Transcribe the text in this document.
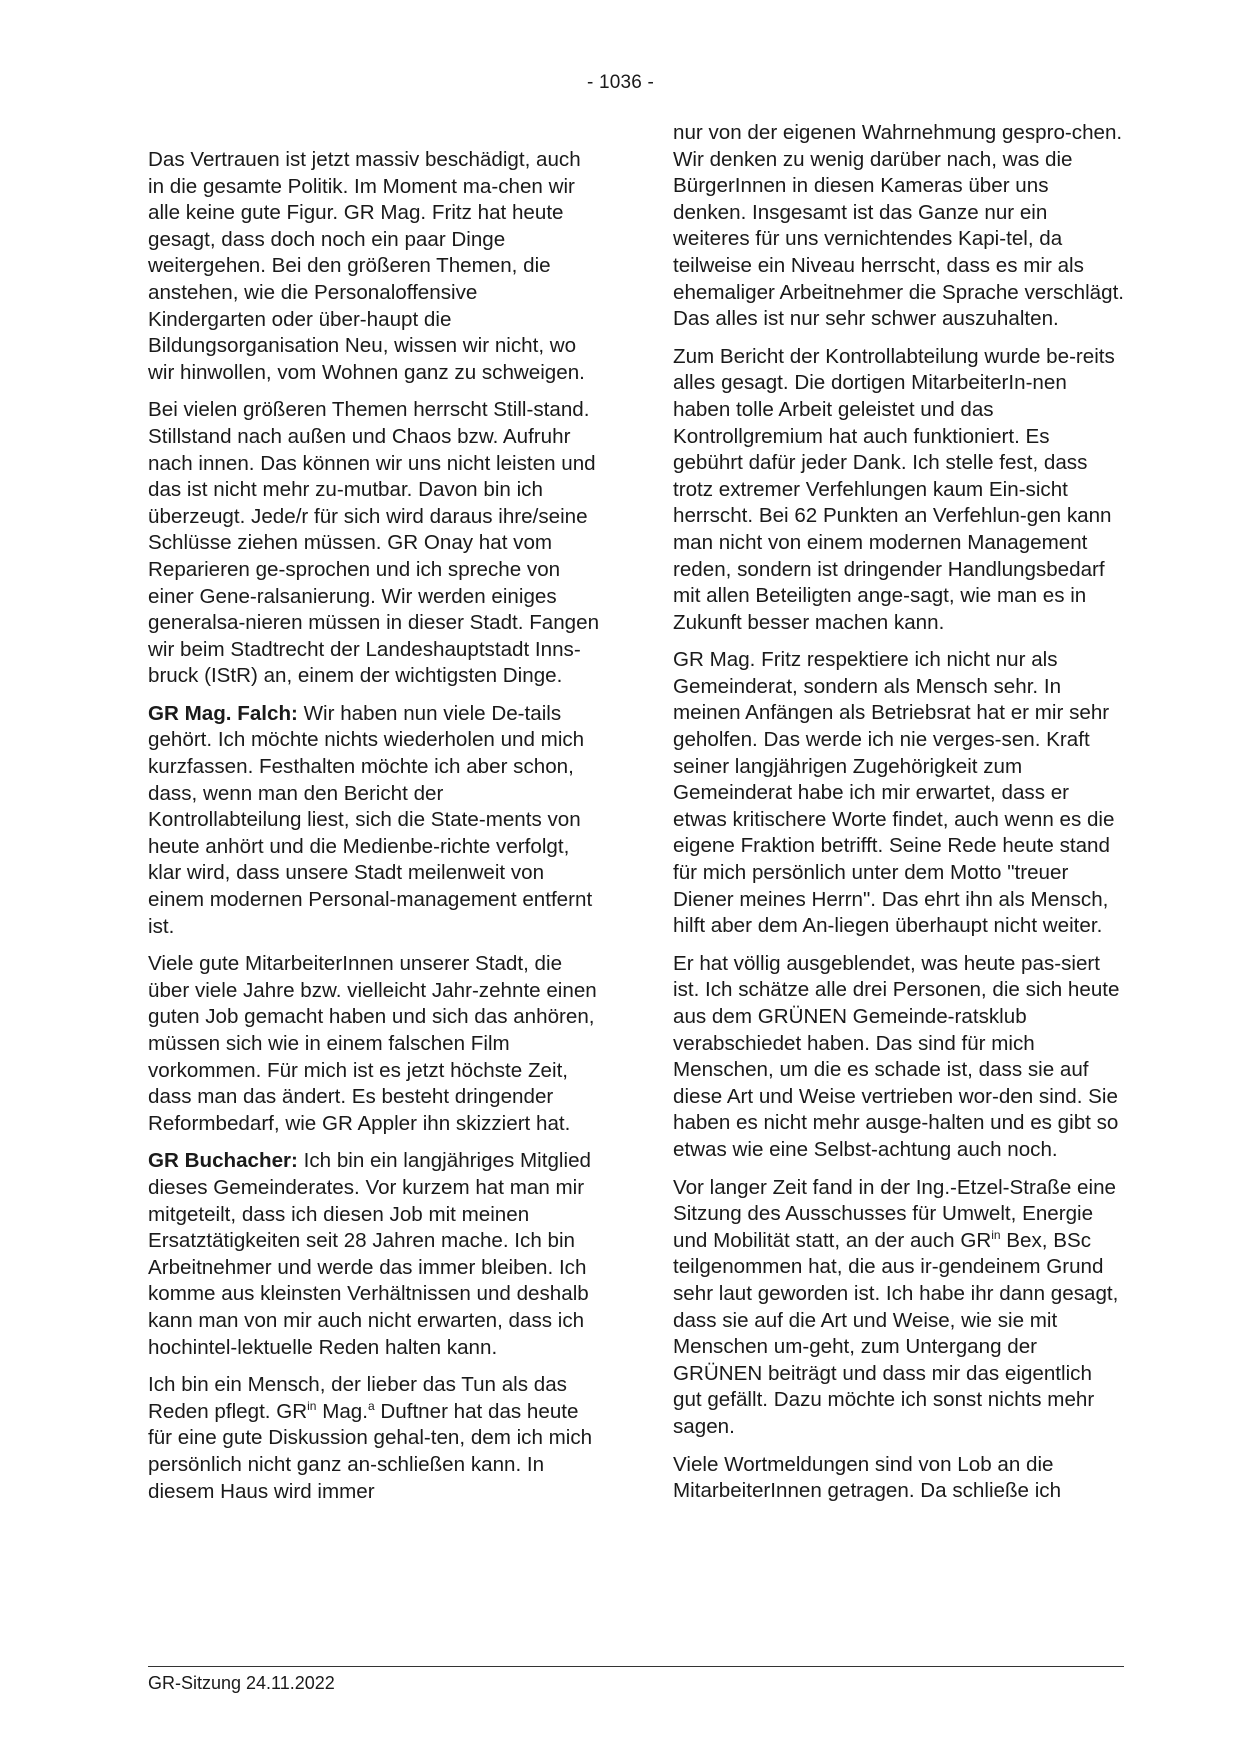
- 1036 -

Das Vertrauen ist jetzt massiv beschädigt, auch in die gesamte Politik. Im Moment ma-chen wir alle keine gute Figur. GR Mag. Fritz hat heute gesagt, dass doch noch ein paar Dinge weitergehen. Bei den größeren Themen, die anstehen, wie die Personaloffensive Kindergarten oder über-haupt die Bildungsorganisation Neu, wissen wir nicht, wo wir hinwollen, vom Wohnen ganz zu schweigen.

Bei vielen größeren Themen herrscht Still-stand. Stillstand nach außen und Chaos bzw. Aufruhr nach innen. Das können wir uns nicht leisten und das ist nicht mehr zu-mutbar. Davon bin ich überzeugt. Jede/r für sich wird daraus ihre/seine Schlüsse ziehen müssen. GR Onay hat vom Reparieren ge-sprochen und ich spreche von einer Gene-ralsanierung. Wir werden einiges generalsa-nieren müssen in dieser Stadt. Fangen wir beim Stadtrecht der Landeshauptstadt Inns-bruck (IStR) an, einem der wichtigsten Dinge.

GR Mag. Falch: Wir haben nun viele De-tails gehört. Ich möchte nichts wiederholen und mich kurzfassen. Festhalten möchte ich aber schon, dass, wenn man den Bericht der Kontrollabteilung liest, sich die State-ments von heute anhört und die Medienbe-richte verfolgt, klar wird, dass unsere Stadt meilenweit von einem modernen Personal-management entfernt ist.

Viele gute MitarbeiterInnen unserer Stadt, die über viele Jahre bzw. vielleicht Jahr-zehnte einen guten Job gemacht haben und sich das anhören, müssen sich wie in einem falschen Film vorkommen. Für mich ist es jetzt höchste Zeit, dass man das ändert. Es besteht dringender Reformbedarf, wie GR Appler ihn skizziert hat.

GR Buchacher: Ich bin ein langjähriges Mitglied dieses Gemeinderates. Vor kurzem hat man mir mitgeteilt, dass ich diesen Job mit meinen Ersatztätigkeiten seit 28 Jahren mache. Ich bin Arbeitnehmer und werde das immer bleiben. Ich komme aus kleinsten Verhältnissen und deshalb kann man von mir auch nicht erwarten, dass ich hochintel-lektuelle Reden halten kann.

Ich bin ein Mensch, der lieber das Tun als das Reden pflegt. $GR^{in}$ Mag.$^a$ Duftner hat das heute für eine gute Diskussion gehal-ten, dem ich mich persönlich nicht ganz an-schließen kann. In diesem Haus wird immer

nur von der eigenen Wahrnehmung gespro-chen. Wir denken zu wenig darüber nach, was die BürgerInnen in diesen Kameras über uns denken. Insgesamt ist das Ganze nur ein weiteres für uns vernichtendes Kapi-tel, da teilweise ein Niveau herrscht, dass es mir als ehemaliger Arbeitnehmer die Sprache verschlägt. Das alles ist nur sehr schwer auszuhalten.

Zum Bericht der Kontrollabteilung wurde be-reits alles gesagt. Die dortigen MitarbeiterIn-nen haben tolle Arbeit geleistet und das Kontrollgremium hat auch funktioniert. Es gebührt dafür jeder Dank. Ich stelle fest, dass trotz extremer Verfehlungen kaum Ein-sicht herrscht. Bei 62 Punkten an Verfehlun-gen kann man nicht von einem modernen Management reden, sondern ist dringender Handlungsbedarf mit allen Beteiligten ange-sagt, wie man es in Zukunft besser machen kann.

GR Mag. Fritz respektiere ich nicht nur als Gemeinderat, sondern als Mensch sehr. In meinen Anfängen als Betriebsrat hat er mir sehr geholfen. Das werde ich nie verges-sen. Kraft seiner langjährigen Zugehörigkeit zum Gemeinderat habe ich mir erwartet, dass er etwas kritischere Worte findet, auch wenn es die eigene Fraktion betrifft. Seine Rede heute stand für mich persönlich unter dem Motto "treuer Diener meines Herrn". Das ehrt ihn als Mensch, hilft aber dem An-liegen überhaupt nicht weiter.

Er hat völlig ausgeblendet, was heute pas-siert ist. Ich schätze alle drei Personen, die sich heute aus dem GRÜNEN Gemeinde-ratsklub verabschiedet haben. Das sind für mich Menschen, um die es schade ist, dass sie auf diese Art und Weise vertrieben wor-den sind. Sie haben es nicht mehr ausge-halten und es gibt so etwas wie eine Selbst-achtung auch noch.

Vor langer Zeit fand in der Ing.-Etzel-Straße eine Sitzung des Ausschusses für Umwelt, Energie und Mobilität statt, an der auch $GR^{in}$ Bex, BSc teilgenommen hat, die aus ir-gendeinem Grund sehr laut geworden ist. Ich habe ihr dann gesagt, dass sie auf die Art und Weise, wie sie mit Menschen um-geht, zum Untergang der GRÜNEN beiträgt und dass mir das eigentlich gut gefällt. Dazu möchte ich sonst nichts mehr sagen.

Viele Wortmeldungen sind von Lob an die MitarbeiterInnen getragen. Da schließe ich

GR-Sitzung 24.11.2022
